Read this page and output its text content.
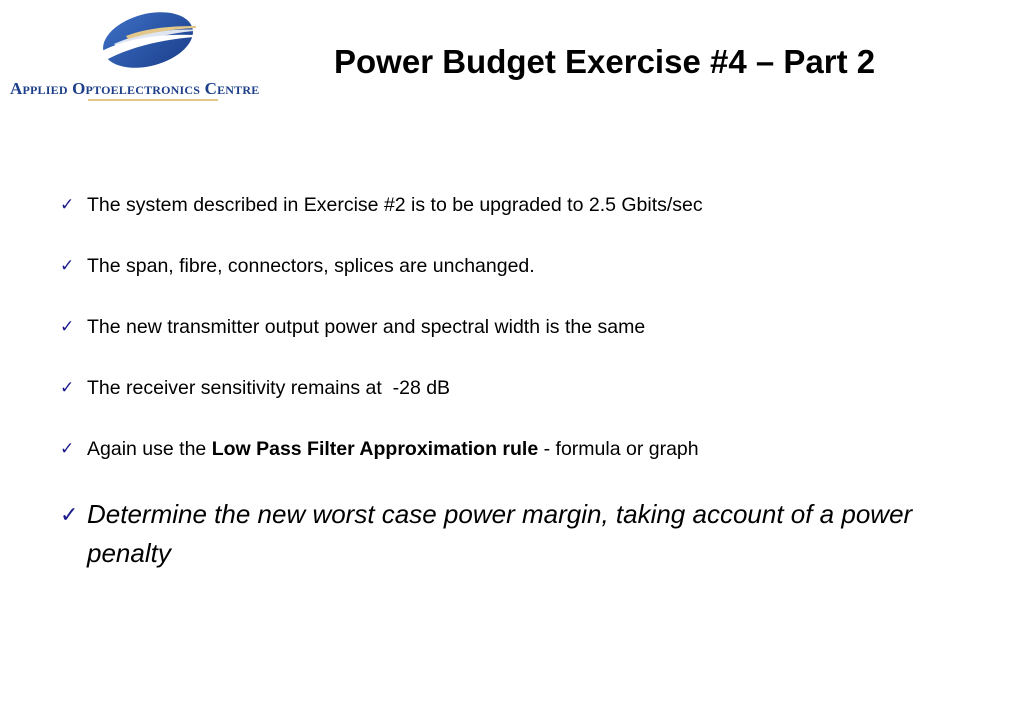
Applied Optoelectronics Centre
Power Budget Exercise #4 – Part 2
✓ The system described in Exercise #2 is to be upgraded to 2.5 Gbits/sec
✓ The span, fibre, connectors, splices are unchanged.
✓ The new transmitter output power and spectral width is the same
✓ The receiver sensitivity remains at  -28 dB
✓ Again use the Low Pass Filter Approximation rule - formula or graph
✓ Determine the new worst case power margin, taking account of a power penalty
